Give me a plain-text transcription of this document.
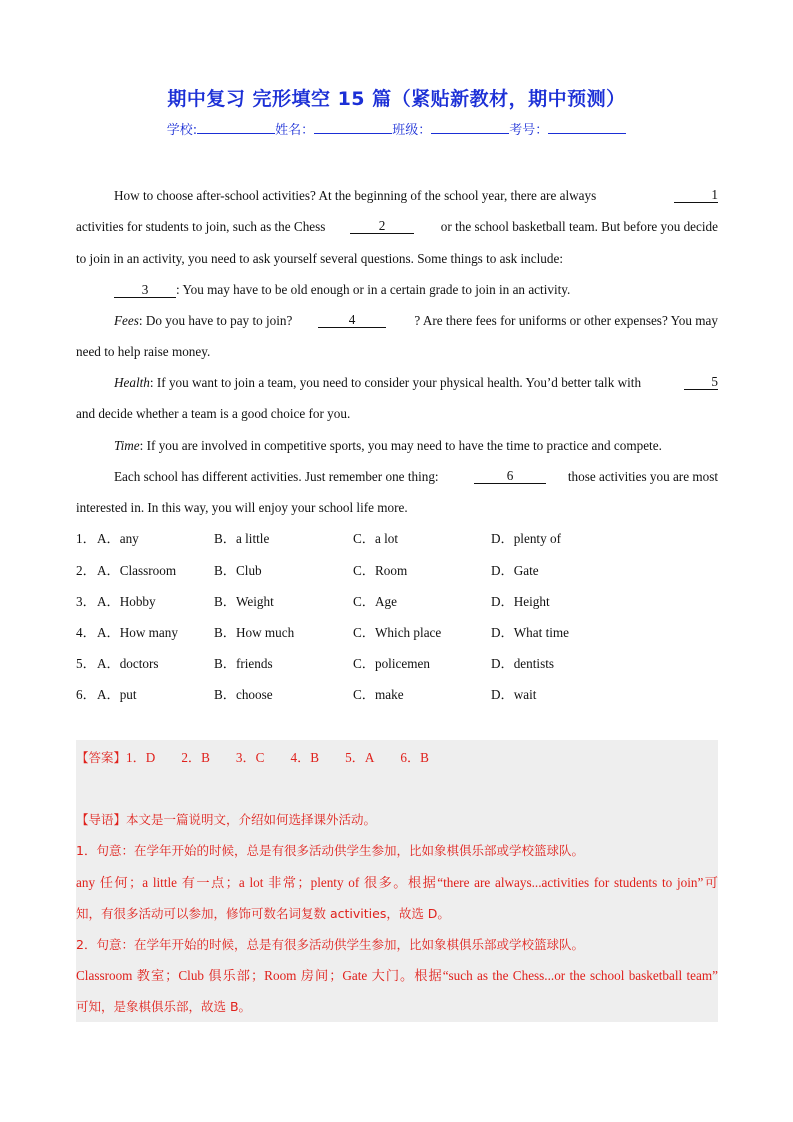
期中复习 完形填空 15 篇（紧贴新教材，期中预测）
学校:	姓名：	班级：	考号：
How to choose after-school activities? At the beginning of the school year, there are always	1
activities for students to join, such as the Chess	2	or the school basketball team. But before you decide
to join in an activity, you need to ask yourself several questions. Some things to ask include:
3 : You may have to be old enough or in a certain grade to join in an activity.
Fees: Do you have to pay to join?	4	? Are there fees for uniforms or other expenses? You may
need to help raise money.
Health: If you want to join a team, you need to consider your physical health. You’d better talk with	5
and decide whether a team is a good choice for you.
Time: If you are involved in competitive sports, you may need to have the time to practice and compete.
Each school has different activities. Just remember one thing:	6	those activities you are most
interested in. In this way, you will enjoy your school life more.
1． A．any	B．a little	C．a lot	D．plenty of
2． A．Classroom	B．Club	C．Room	D．Gate
3． A．Hobby	B．Weight	C．Age	D．Height
4． A．How many	B．How much	C．Which place	D．What time
5． A．doctors	B．friends	C．policemen	D．dentists
6． A．put	B．choose	C．make	D．wait
【答案】1．D 2．B 3．C 4．B 5．A 6．B
【导语】本文是一篇说明文，介绍如何选择课外活动。
1．句意：在学年开始的时候，总是有很多活动供学生参加，比如象棋俱乐部或学校篮球队。
any 任何；a little 有一点；a lot 非常；plenty of 很多。根据“there are always...activities for students to join”可
知，有很多活动可以参加，修饰可数名词复数 activities，故选 D。
2．句意：在学年开始的时候，总是有很多活动供学生参加，比如象棋俱乐部或学校篮球队。
Classroom 教室；Club 俱乐部；Room 房间；Gate 大门。根据“such as the Chess...or the school basketball team”
可知，是象棋俱乐部，故选 B。
